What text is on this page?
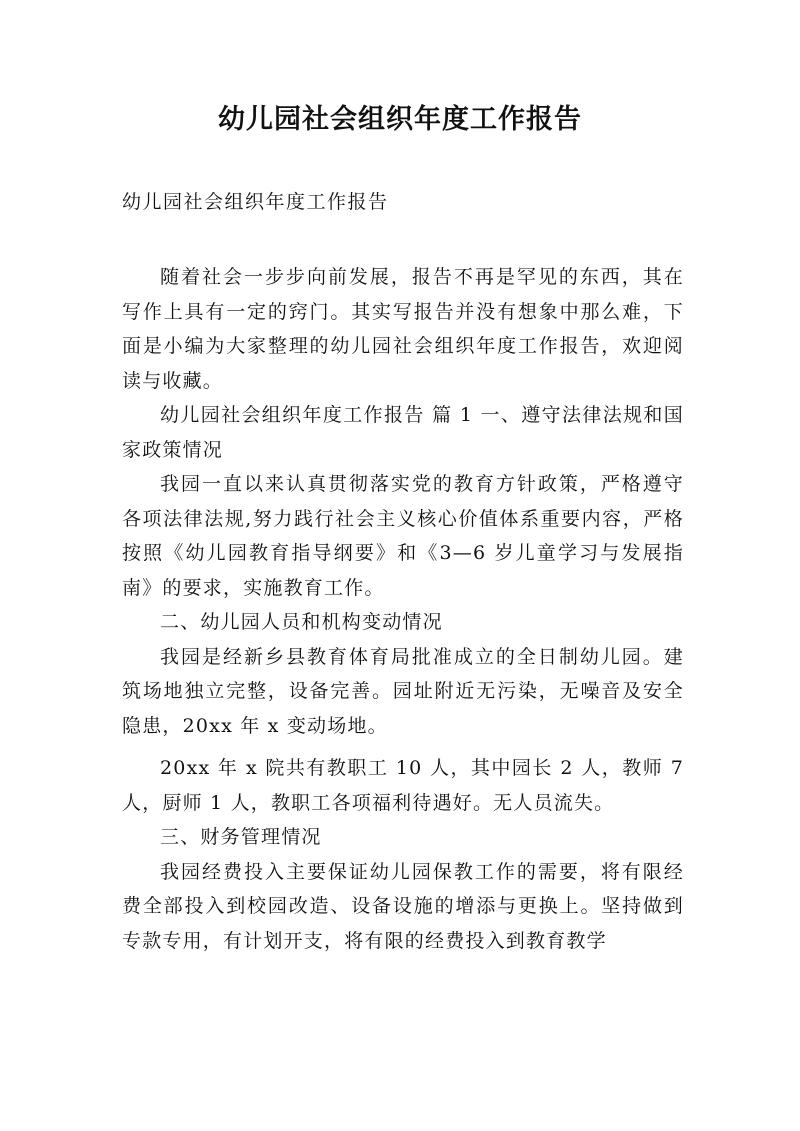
幼儿园社会组织年度工作报告
幼儿园社会组织年度工作报告

随着社会一步步向前发展，报告不再是罕见的东西，其在写作上具有一定的窍门。其实写报告并没有想象中那么难，下面是小编为大家整理的幼儿园社会组织年度工作报告，欢迎阅读与收藏。

幼儿园社会组织年度工作报告 篇 1 一、遵守法律法规和国家政策情况

我园一直以来认真贯彻落实党的教育方针政策，严格遵守各项法律法规,努力践行社会主义核心价值体系重要内容，严格按照《幼儿园教育指导纲要》和《3—6 岁儿童学习与发展指南》的要求，实施教育工作。

二、幼儿园人员和机构变动情况

我园是经新乡县教育体育局批准成立的全日制幼儿园。建筑场地独立完整，设备完善。园址附近无污染，无噪音及安全隐患，20xx 年 x 变动场地。

20xx 年 x 院共有教职工 10 人，其中园长 2 人，教师 7 人，厨师 1 人，教职工各项福利待遇好。无人员流失。

三、财务管理情况

我园经费投入主要保证幼儿园保教工作的需要，将有限经费全部投入到校园改造、设备设施的增添与更换上。坚持做到专款专用，有计划开支，将有限的经费投入到教育教学
